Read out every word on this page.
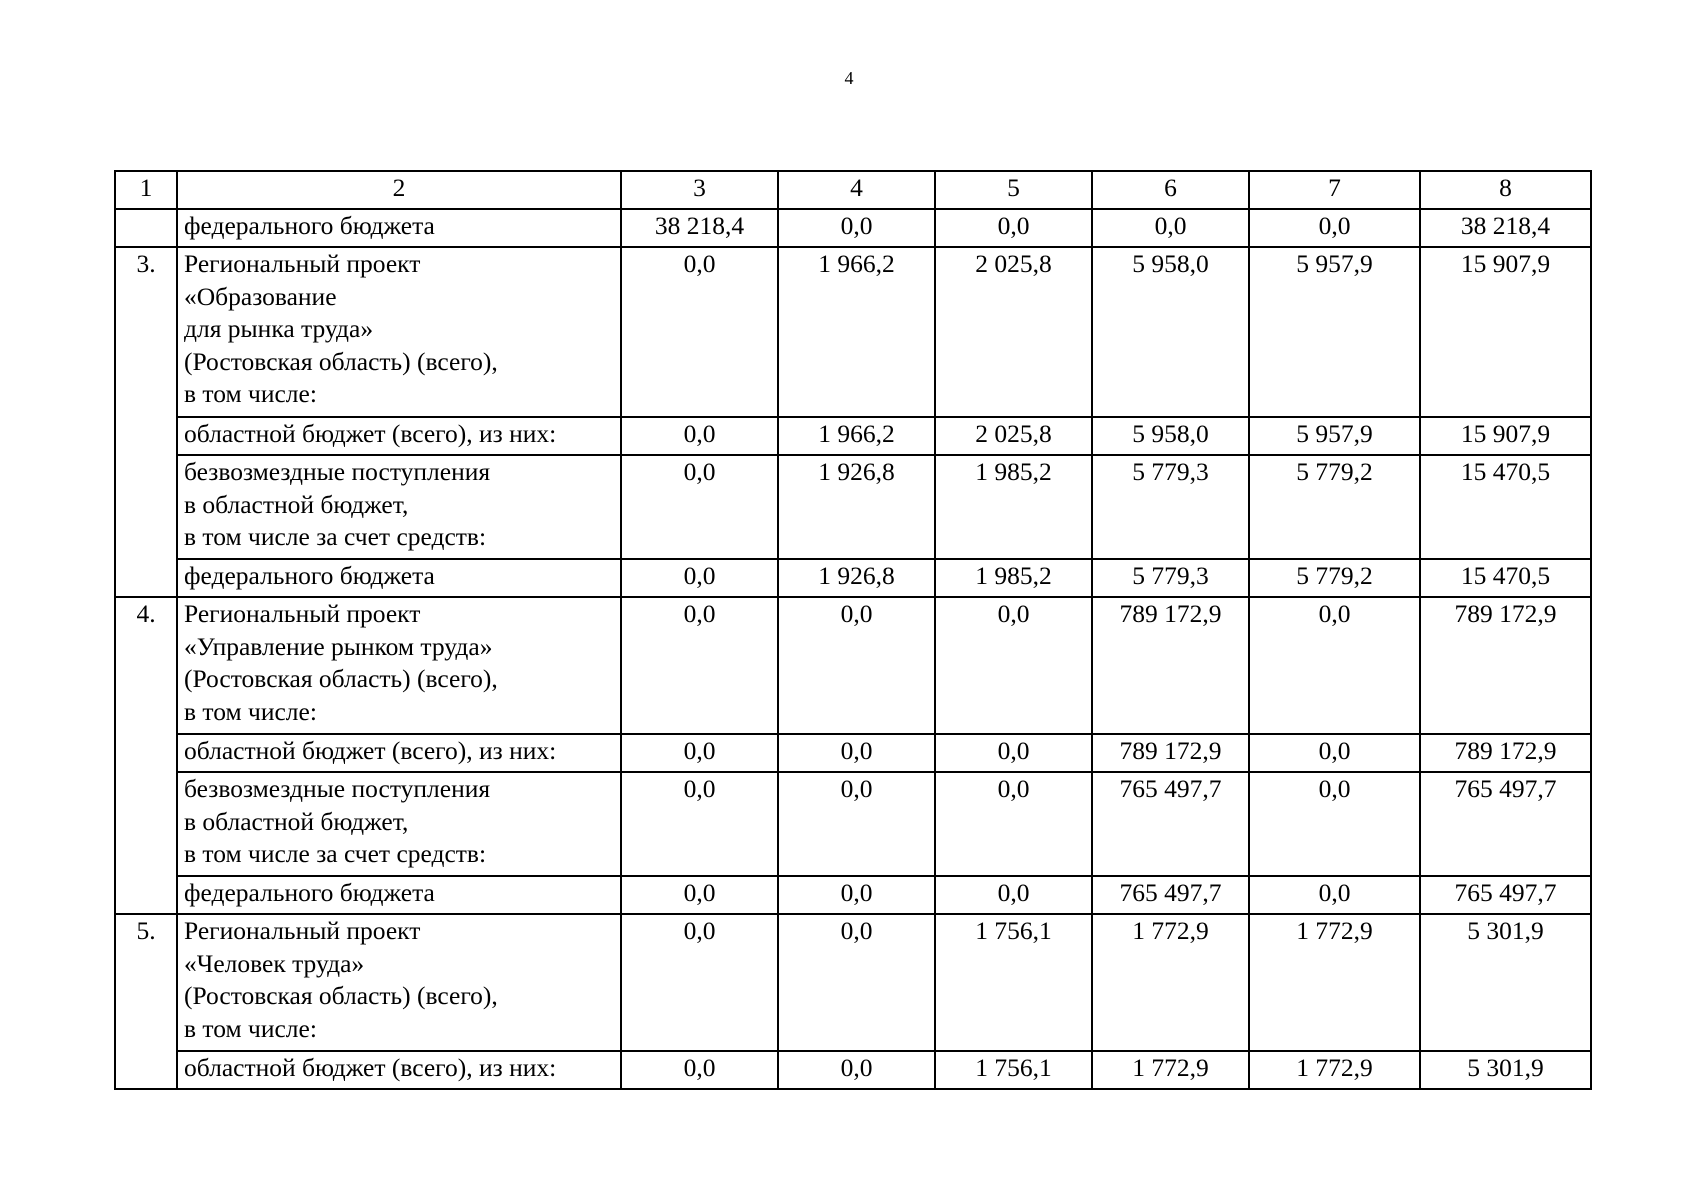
4
1	2	3	4	5	6	7	8

	федерального бюджета	38 218,4	0,0	0,0	0,0	0,0	38 218,4
3.	Региональный проект
«Образование
для рынка труда»
(Ростовская область) (всего),
в том числе:	0,0	1 966,2	2 025,8	5 958,0	5 957,9	15 907,9

	областной бюджет (всего), из них:	0,0	1 966,2	2 025,8	5 958,0	5 957,9	15 907,9

	безвозмездные поступления
в областной бюджет,
в том числе за счет средств:	0,0	1 926,8	1 985,2	5 779,3	5 779,2	15 470,5

	федерального бюджета	0,0	1 926,8	1 985,2	5 779,3	5 779,2	15 470,5
4.	Региональный проект
«Управление рынком труда»
(Ростовская область) (всего),
в том числе:	0,0	0,0	0,0	789 172,9	0,0	789 172,9

	областной бюджет (всего), из них:	0,0	0,0	0,0	789 172,9	0,0	789 172,9

	безвозмездные поступления
в областной бюджет,
в том числе за счет средств:	0,0	0,0	0,0	765 497,7	0,0	765 497,7

	федерального бюджета	0,0	0,0	0,0	765 497,7	0,0	765 497,7
5.	Региональный проект
«Человек труда»
(Ростовская область) (всего),
в том числе:	0,0	0,0	1 756,1	1 772,9	1 772,9	5 301,9

	областной бюджет (всего), из них:	0,0	0,0	1 756,1	1 772,9	1 772,9	5 301,9
